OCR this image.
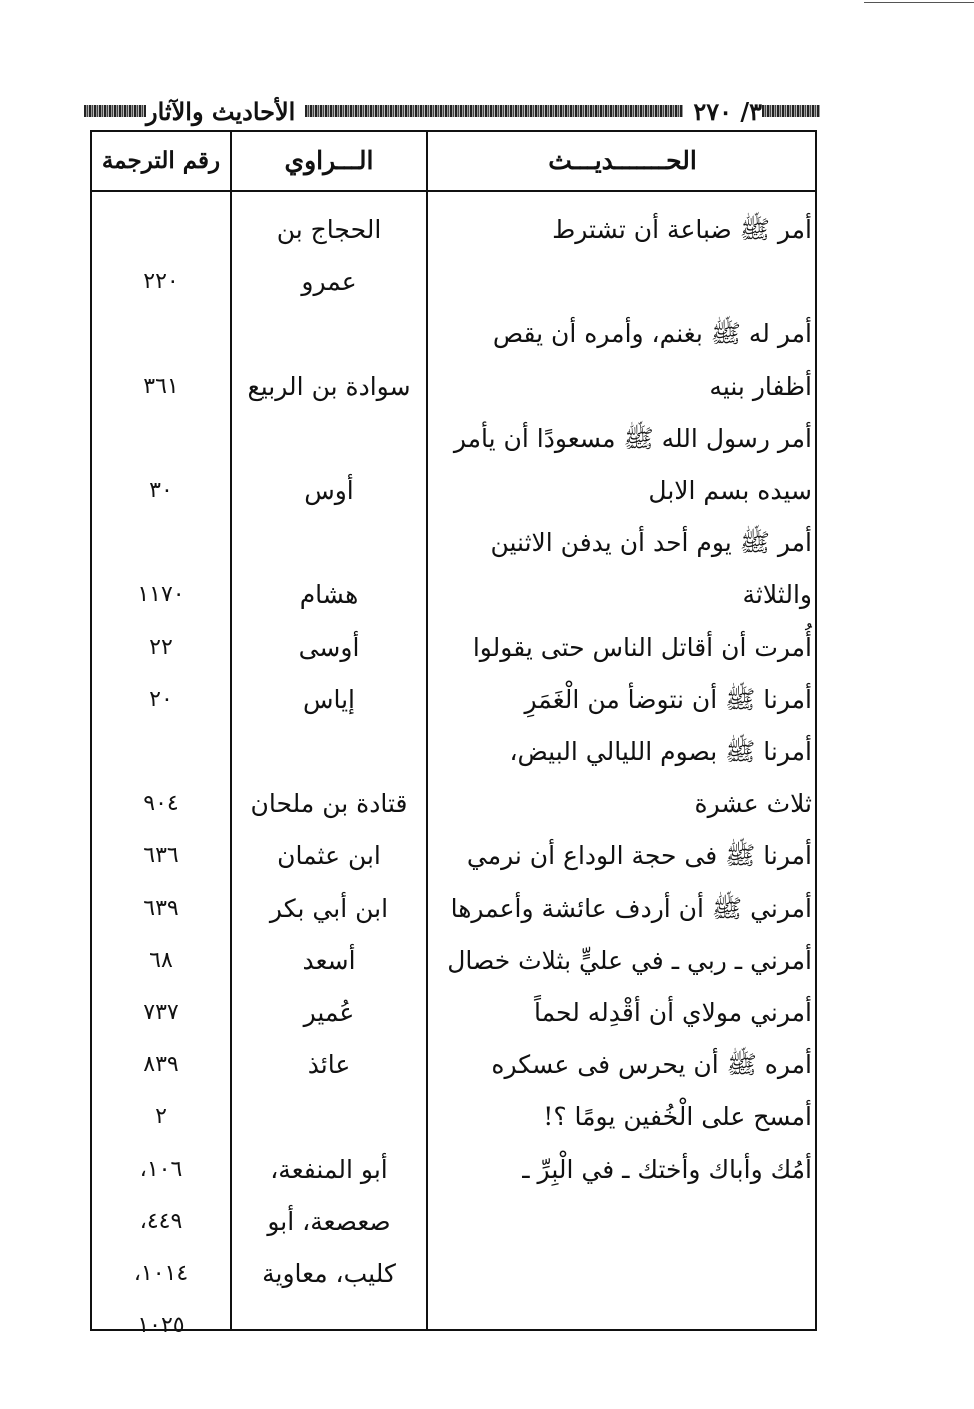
٣/ ٢٧٠
الأحاديث والآثار
الحـــــــديـــث
الـــراوي
رقم الترجمة
أمر ﷺ ضباعة أن تشترط
الحجاج بن
عمرو
٢٢٠
أمر له ﷺ بغنم، وأمره أن يقص
أظفار بنيه
سوادة بن الربيع
٣٦١
أمر رسول الله ﷺ مسعودًا أن يأمر
سيده بسم الابل
أوس
٣٠
أمر ﷺ يوم أحد أن يدفن الاثنين
والثلاثة
هشام
١١٧٠
أُمرت أن أقاتل الناس حتى يقولوا
أوسى
٢٢
أمرنا ﷺ أن نتوضأ من الْغَمَرِ
إياس
٢٠
أمرنا ﷺ بصوم الليالي البيض،
ثلاث عشرة
قتادة بن ملحان
٩٠٤
أمرنا ﷺ فى حجة الوداع أن نرمي
ابن عثمان
٦٣٦
أمرني ﷺ أن أردف عائشة وأعمرها
ابن أبي بكر
٦٣٩
أمرني ـ ربي ـ في عليٍّ بثلاث خصال
أسعد
٦٨
أمرني مولاي أن أقْدِله لحماً
عُمير
٧٣٧
أمره ﷺ أن يحرس فى عسكره
عائذ
٨٣٩
أمسح على الْخُفين يومًا ؟!
٢
أمُك وأباك وأختك ـ في الْبِرِّ ـ
أبو المنفعة،
١٠٦،
صعصعة، أبو
٤٤٩،
كليب، معاوية
١٠١٤،
١٠٢٥
